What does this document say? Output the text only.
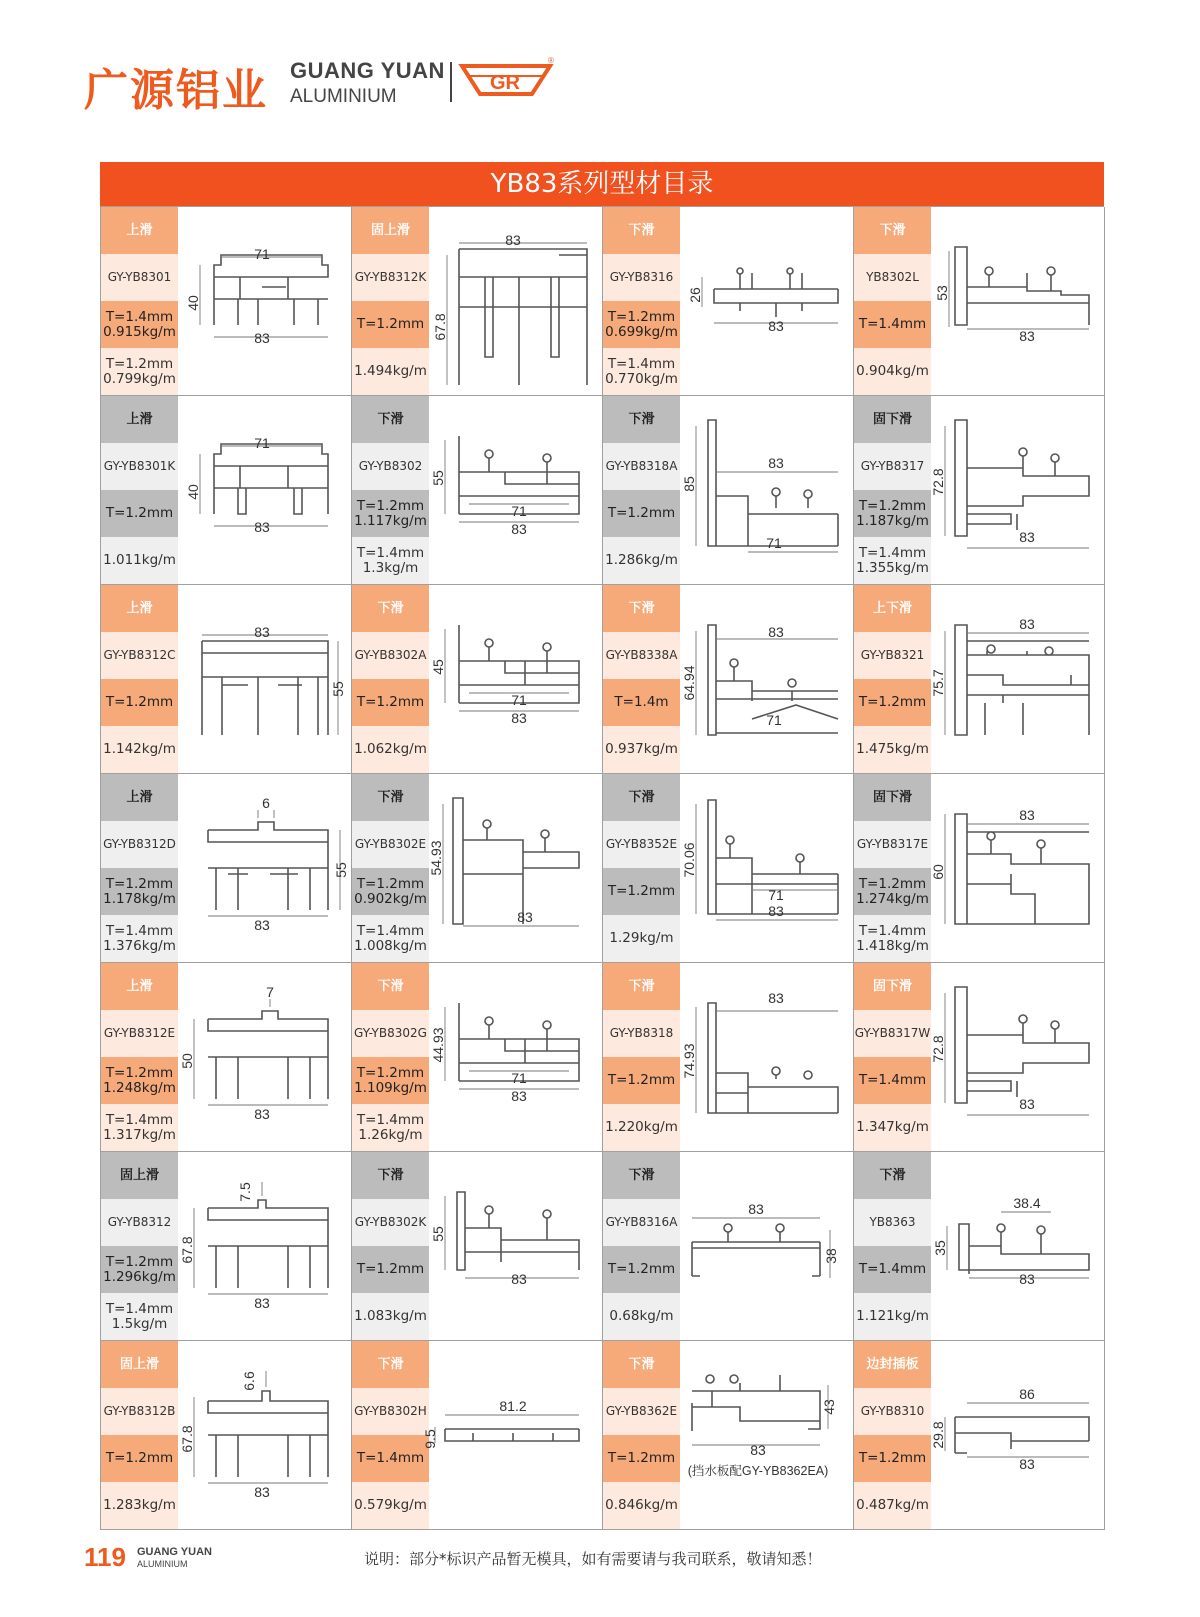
广源铝业 GUANG YUAN
ALUMINIUM
GR
®
YB83系列型材目录
上滑
GY-YB8301
T=1.4mm
0.915kg/m
T=1.2mm
0.799kg/m
71
83
40
固上滑
GY-YB8312K
T=1.2mm
1.494kg/m
83
67.8
下滑
GY-YB8316
T=1.2mm
0.699kg/m
T=1.4mm
0.770kg/m
83
26
下滑
YB8302L
T=1.4mm
0.904kg/m
83
53
上滑
GY-YB8301K
T=1.2mm
1.011kg/m
71
83
40
下滑
GY-YB8302
T=1.2mm
1.117kg/m
T=1.4mm
1.3kg/m
71
83
55
下滑
GY-YB8318A
T=1.2mm
1.286kg/m
83
71
85
固下滑
GY-YB8317
T=1.2mm
1.187kg/m
T=1.4mm
1.355kg/m
83
72.8
上滑
GY-YB8312C
T=1.2mm
1.142kg/m
83
55
下滑
GY-YB8302A
T=1.2mm
1.062kg/m
71
83
45
下滑
GY-YB8338A
T=1.4m
0.937kg/m
83
71
64.94
上下滑
GY-YB8321
T=1.2mm
1.475kg/m
83
75.7
上滑
GY-YB8312D
T=1.2mm
1.178kg/m
T=1.4mm
1.376kg/m
6
83
55
下滑
GY-YB8302E
T=1.2mm
0.902kg/m
T=1.4mm
1.008kg/m
83
54.93
下滑
GY-YB8352E
T=1.2mm
1.29kg/m
71
83
70.06
固下滑
GY-YB8317E
T=1.2mm
1.274kg/m
T=1.4mm
1.418kg/m
83
60
上滑
GY-YB8312E
T=1.2mm
1.248kg/m
T=1.4mm
1.317kg/m
7
83
50
下滑
GY-YB8302G
T=1.2mm
1.109kg/m
T=1.4mm
1.26kg/m
71
83
44.93
下滑
GY-YB8318
T=1.2mm
1.220kg/m
83
74.93
固下滑
GY-YB8317W
T=1.4mm
1.347kg/m
83
72.8
固上滑
GY-YB8312
T=1.2mm
1.296kg/m
T=1.4mm
1.5kg/m
7.5
83
67.8
下滑
GY-YB8302K
T=1.2mm
1.083kg/m
83
55
下滑
GY-YB8316A
T=1.2mm
0.68kg/m
83
38
下滑
YB8363
T=1.4mm
1.121kg/m
38.4
83
35
固上滑
GY-YB8312B
T=1.2mm
1.283kg/m
6.6
83
67.8
下滑
GY-YB8302H
T=1.4mm
0.579kg/m
81.2
9.5
下滑
GY-YB8362E
T=1.2mm
0.846kg/m
83
43
(挡水板配GY-YB8362EA)
边封插板
GY-YB8310
T=1.2mm
0.487kg/m
86
83
29.8
119 GUANG YUAN
ALUMINIUM	说明：部分*标识产品暂无模具，如有需要请与我司联系，敬请知悉！
